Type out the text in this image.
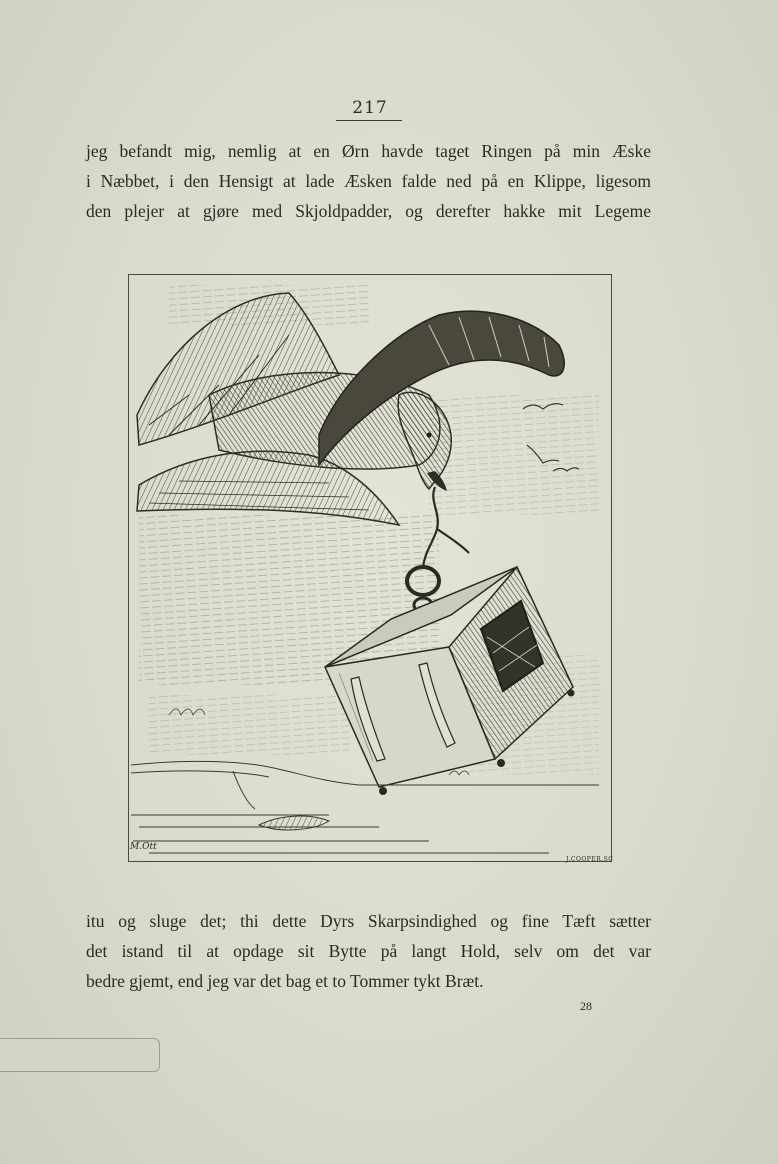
217
jeg befandt mig, nemlig at en Ørn havde taget Ringen på min Æske
i Næbbet, i den Hensigt at lade Æsken falde ned på en Klippe, ligesom
den plejer at gjøre med Skjoldpadder, og derefter hakke mit Legeme
M.Ott
J.COOPER.SC
itu og sluge det; thi dette Dyrs Skarpsindighed og fine Tæft sætter
det istand til at opdage sit Bytte på langt Hold, selv om det var
bedre gjemt, end jeg var det bag et to Tommer tykt Bræt.
28
